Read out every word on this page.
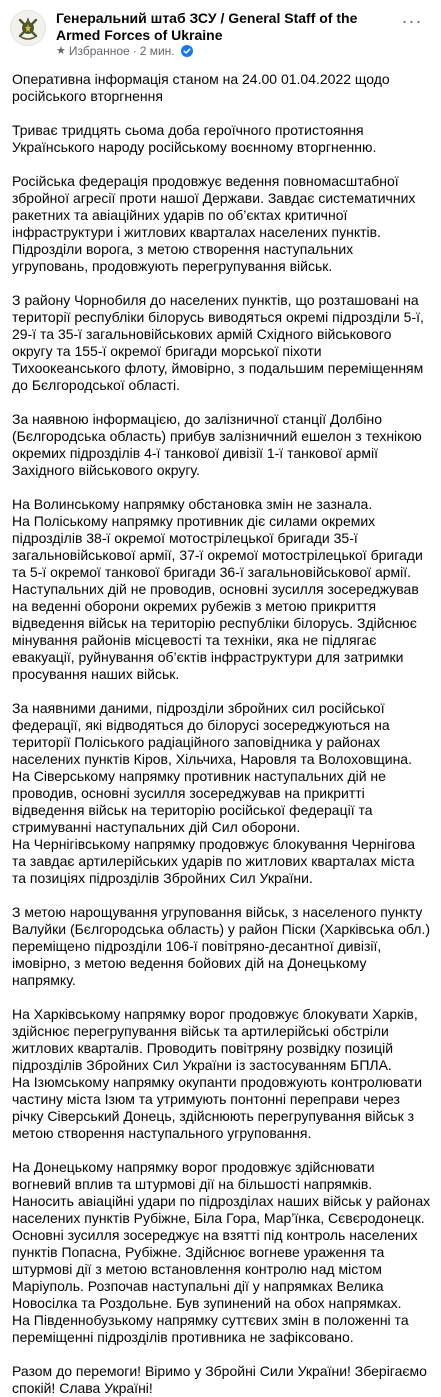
Генеральний штаб ЗСУ / General Staff of the Armed Forces of Ukraine
★ Избранное · 2 мин.
···

Оперативна інформація станом на 24.00 01.04.2022 щодо російського вторгнення

Триває тридцять сьома доба героїчного протистояння Українського народу російському воєнному вторгненню.

Російська федерація продовжує ведення повномасштабної збройної агресії проти нашої Держави. Завдає систематичних ракетних та авіаційних ударів по об’єктах критичної інфраструктури і житлових кварталах населених пунктів. Підрозділи ворога, з метою створення наступальних угруповань, продовжують перегрупування військ.

З району Чорнобиля до населених пунктів, що розташовані на території республіки білорусь виводяться окремі підрозділи 5-ї, 29-ї та 35-ї загальновійськових армій Східного військового округу та 155-ї окремої бригади морської піхоти Тихоокеанського флоту, ймовірно, з подальшим переміщенням до Бєлгородської області.

За наявною інформацією, до залізничної станції Долбіно (Бєлгородська область) прибув залізничний ешелон з технікою окремих підрозділів 4-ї танкової дивізії 1-ї танкової армії Західного військового округу.

На Волинському напрямку обстановка змін не зазнала.
На Поліському напрямку противник діє силами окремих підрозділів 38-ї окремої мотострілецької бригади 35-ї загальновійськової армії, 37-ї окремої мотострілецької бригади та 5-ї окремої танкової бригади 36-ї загальновійськової армії.
Наступальних дій не проводив, основні зусилля зосереджував на веденні оборони окремих рубежів з метою прикриття відведення військ на територію республіки білорусь. Здійснює мінування районів місцевості та техніки, яка не підлягає евакуації, руйнування об’єктів інфраструктури для затримки просування наших військ.

За наявними даними, підрозділи збройних сил російської федерації, які відводяться до білорусі зосереджуються на території Поліського радіаційного заповідника у районах населених пунктів Кіров, Хільчиха, Наровля та Волоховщина.
На Сіверському напрямку противник наступальних дій не проводив, основні зусилля зосереджував на прикритті відведення військ на територію російської федерації та стримуванні наступальних дій Сил оборони.
На Чернігівському напрямку продовжує блокування Чернігова та завдає артилерійських ударів по житлових кварталах міста та позиціях підрозділів Збройних Сил України.

З метою нарощування угруповання військ, з населеного пункту Валуйки (Бєлгородська область) у район Піски (Харківська обл.) переміщено підрозділи 106-ї повітряно-десантної дивізії, імовірно, з метою ведення бойових дій на Донецькому напрямку.

На Харківському напрямку ворог продовжує блокувати Харків, здійснює перегрупування військ та артилерійські обстріли житлових кварталів. Проводить повітряну розвідку позицій підрозділів Збройних Сил України із застосуванням БПЛА.
На Ізюмському напрямку окупанти продовжують контролювати частину міста Ізюм та утримують понтонні переправи через річку Сіверський Донець, здійснюють перегрупування військ з метою створення наступального угруповання.

На Донецькому напрямку ворог продовжує здійснювати вогневий вплив та штурмові дії на більшості напрямків. Наносить авіаційні удари по підрозділах наших військ у районах населених пунктів Рубіжне, Біла Гора, Мар’їнка, Сєвєродонецк. Основні зусилля зосереджує на взятті під контроль населених пунктів Попасна, Рубіжне. Здійснює вогневе ураження та штурмові дії з метою встановлення контролю над містом Маріуполь. Розпочав наступальні дії у напрямках Велика Новосілка та Роздольне. Був зупинений на обох напрямках.
На Південнобузькому напрямку суттєвих змін в положенні та переміщенні підрозділів противника не зафіксовано.

Разом до перемоги! Віримо у Збройні Сили України! Зберігаємо спокій! Слава Україні!
